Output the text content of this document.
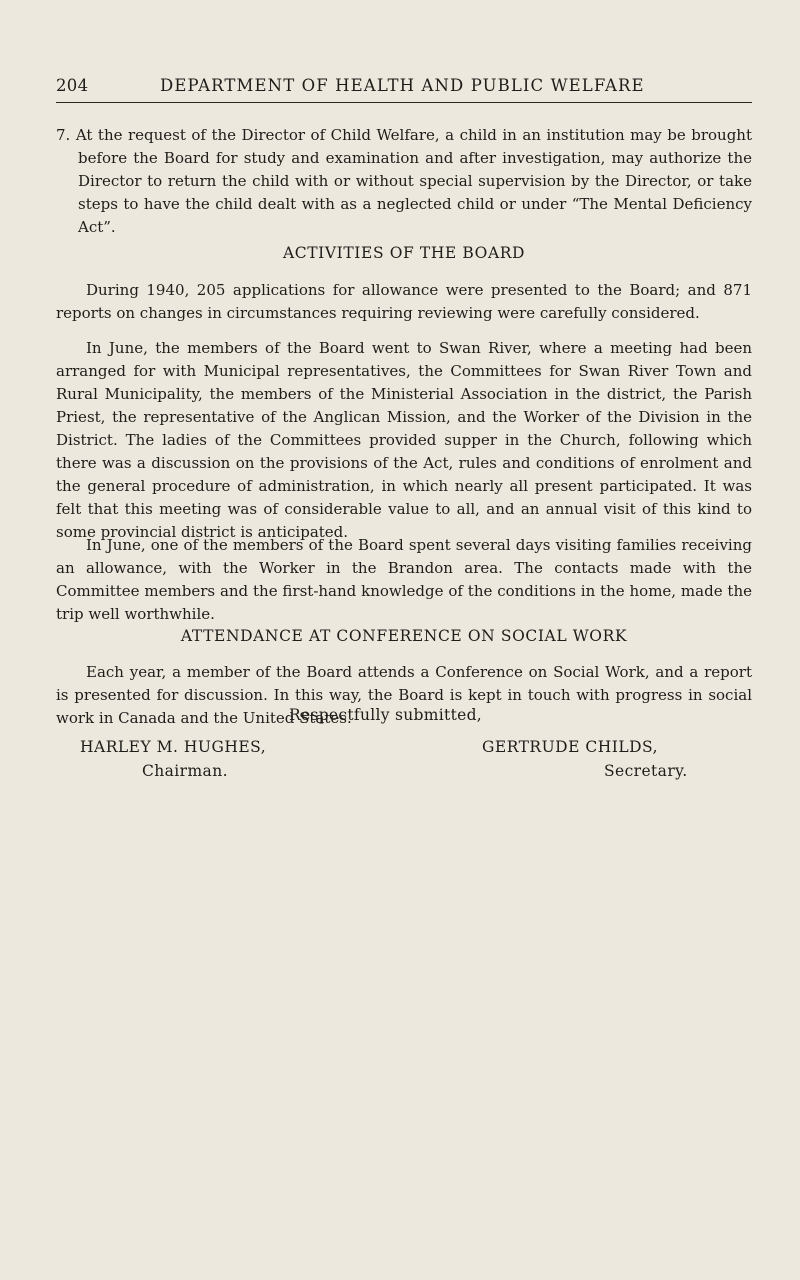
204	DEPARTMENT OF HEALTH AND PUBLIC WELFARE

7. At the request of the Director of Child Welfare, a child in an institution may be brought before the Board for study and examination and after investigation, may authorize the Director to return the child with or without special supervision by the Director, or take steps to have the child dealt with as a neglected child or under “The Mental Deficiency Act”.

ACTIVITIES OF THE BOARD

During 1940, 205 applications for allowance were presented to the Board; and 871 reports on changes in circumstances requiring reviewing were carefully considered.

In June, the members of the Board went to Swan River, where a meeting had been arranged for with Municipal representatives, the Committees for Swan River Town and Rural Municipality, the members of the Ministerial Association in the district, the Parish Priest, the representative of the Anglican Mission, and the Worker of the Division in the District. The ladies of the Committees provided supper in the Church, following which there was a discussion on the provisions of the Act, rules and conditions of enrolment and the general procedure of administration, in which nearly all present participated. It was felt that this meeting was of considerable value to all, and an annual visit of this kind to some provincial district is anticipated.

In June, one of the members of the Board spent several days visiting families receiving an allowance, with the Worker in the Brandon area. The contacts made with the Committee members and the first-hand knowledge of the conditions in the home, made the trip well worthwhile.

ATTENDANCE AT CONFERENCE ON SOCIAL WORK

Each year, a member of the Board attends a Conference on Social Work, and a report is presented for discussion. In this way, the Board is kept in touch with progress in social work in Canada and the United States.

Respectfully submitted,
HARLEY M. HUGHES,
Chairman.
GERTRUDE CHILDS,
Secretary.
